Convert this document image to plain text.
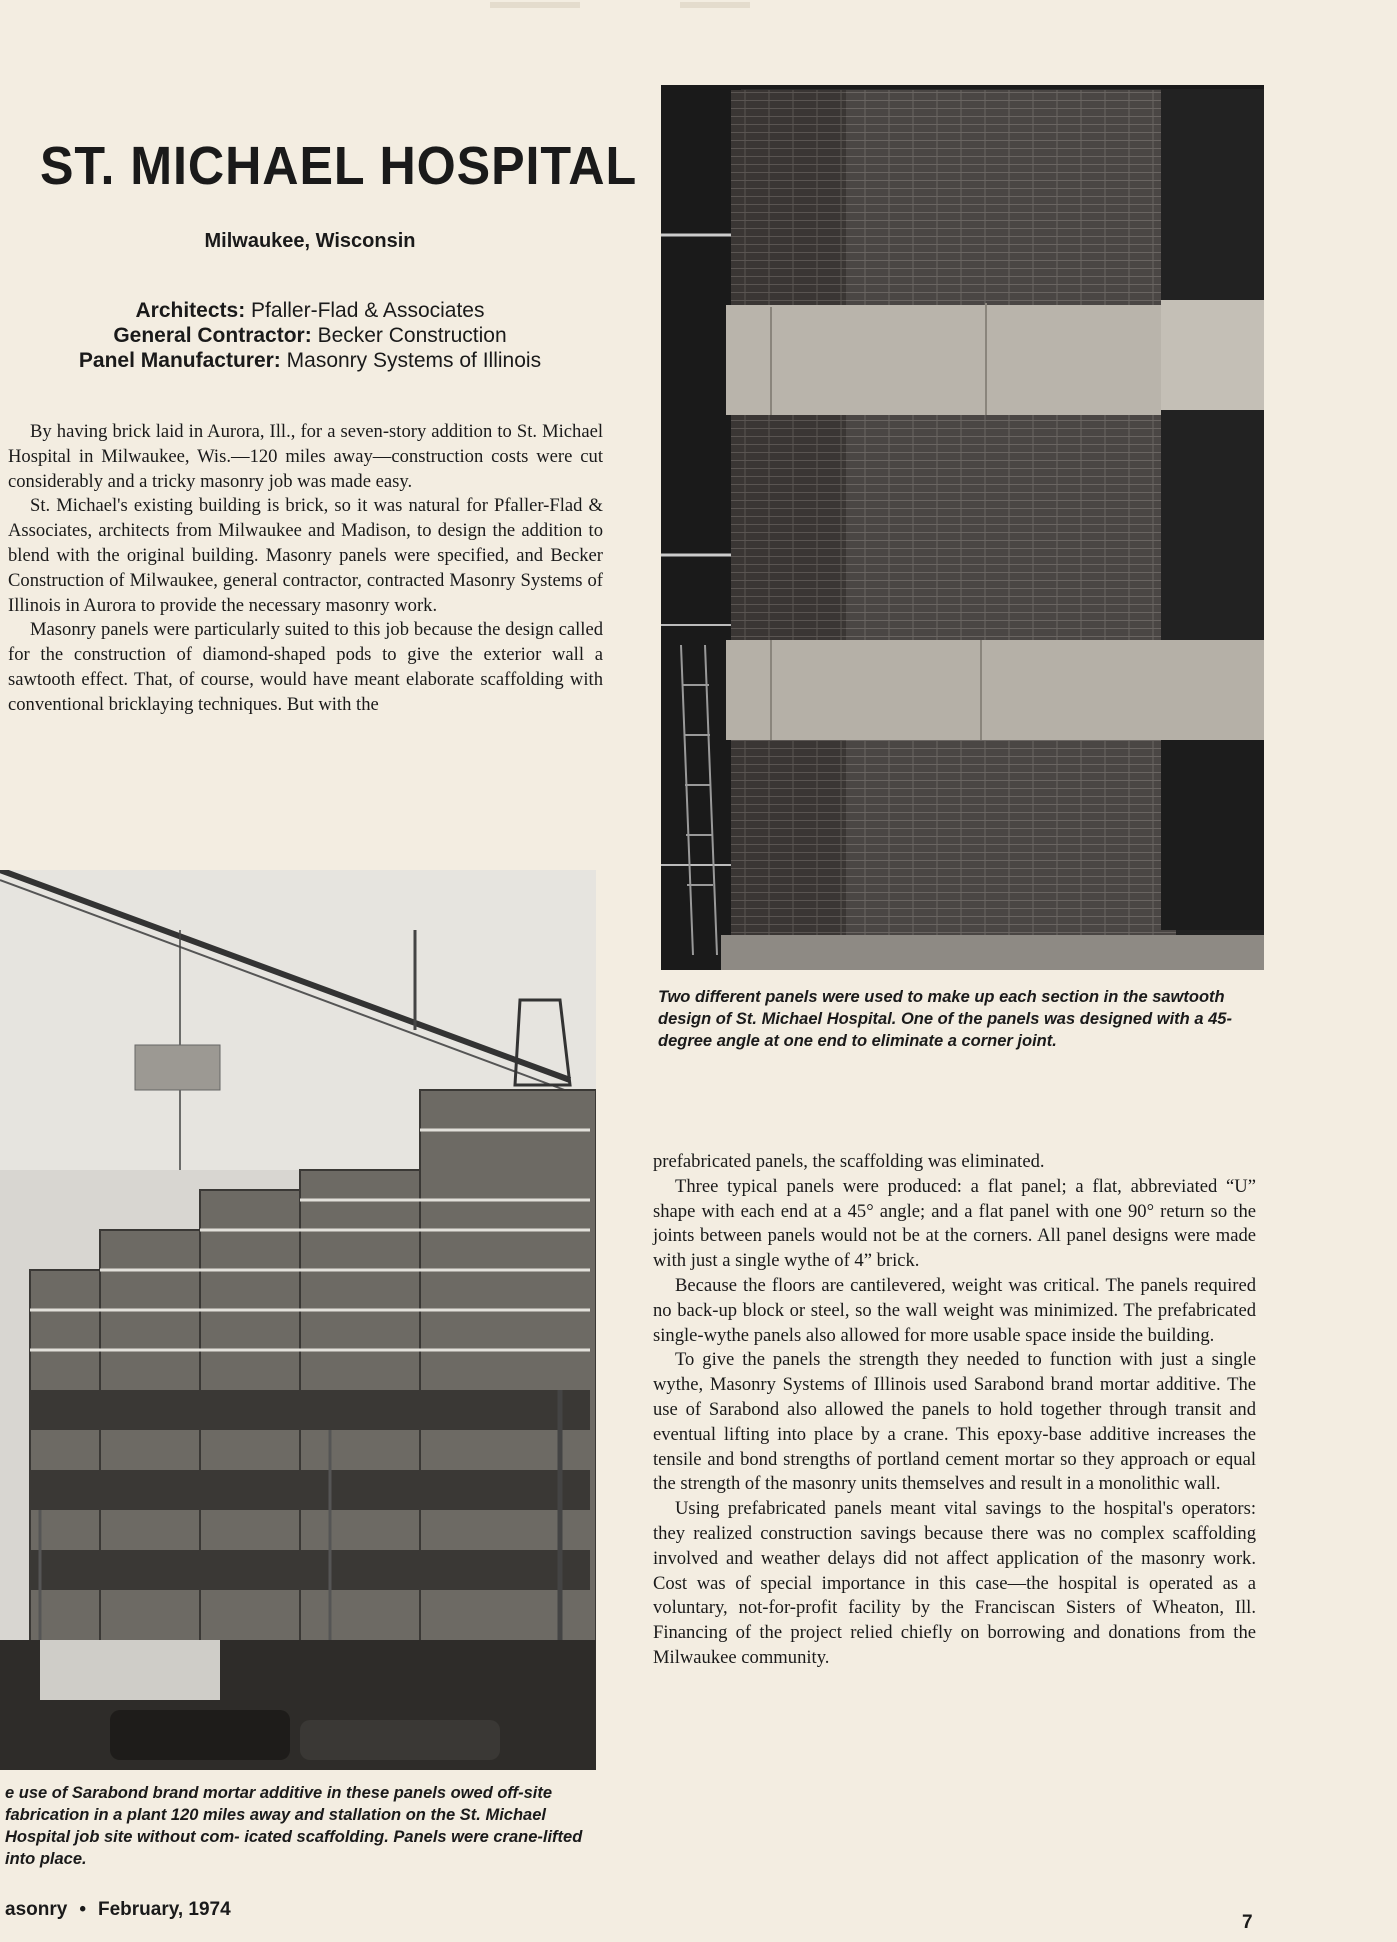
ST. MICHAEL HOSPITAL
Milwaukee, Wisconsin
Architects: Pfaller-Flad & Associates
General Contractor: Becker Construction
Panel Manufacturer: Masonry Systems of Illinois

By having brick laid in Aurora, Ill., for a seven-story addition to St. Michael Hospital in Milwaukee, Wis.—120 miles away—construction costs were cut considerably and a tricky masonry job was made easy.

St. Michael's existing building is brick, so it was natural for Pfaller-Flad & Associates, architects from Milwaukee and Madison, to design the addition to blend with the original building. Masonry panels were specified, and Becker Construction of Milwaukee, general contractor, contracted Masonry Systems of Illinois in Aurora to provide the necessary masonry work.

Masonry panels were particularly suited to this job because the design called for the construction of diamond-shaped pods to give the exterior wall a sawtooth effect. That, of course, would have meant elaborate scaffolding with conventional bricklaying techniques. But with the

Two different panels were used to make up each section in the sawtooth design of St. Michael Hospital. One of the panels was designed with a 45-degree angle at one end to eliminate a corner joint.
e use of Sarabond brand mortar additive in these panels owed off-site fabrication in a plant 120 miles away and stallation on the St. Michael Hospital job site without com- icated scaffolding. Panels were crane-lifted into place.

prefabricated panels, the scaffolding was eliminated.

Three typical panels were produced: a flat panel; a flat, abbreviated “U” shape with each end at a 45° angle; and a flat panel with one 90° return so the joints between panels would not be at the corners. All panel designs were made with just a single wythe of 4” brick.

Because the floors are cantilevered, weight was critical. The panels required no back-up block or steel, so the wall weight was minimized. The prefabricated single-wythe panels also allowed for more usable space inside the building.

To give the panels the strength they needed to function with just a single wythe, Masonry Systems of Illinois used Sarabond brand mortar additive. The use of Sarabond also allowed the panels to hold together through transit and eventual lifting into place by a crane. This epoxy-base additive increases the tensile and bond strengths of portland cement mortar so they approach or equal the strength of the masonry units themselves and result in a monolithic wall.

Using prefabricated panels meant vital savings to the hospital's operators: they realized construction savings because there was no complex scaffolding involved and weather delays did not affect application of the masonry work. Cost was of special importance in this case—the hospital is operated as a voluntary, not-for-profit facility by the Franciscan Sisters of Wheaton, Ill. Financing of the project relied chiefly on borrowing and donations from the Milwaukee community.

asonry • February, 1974
7
